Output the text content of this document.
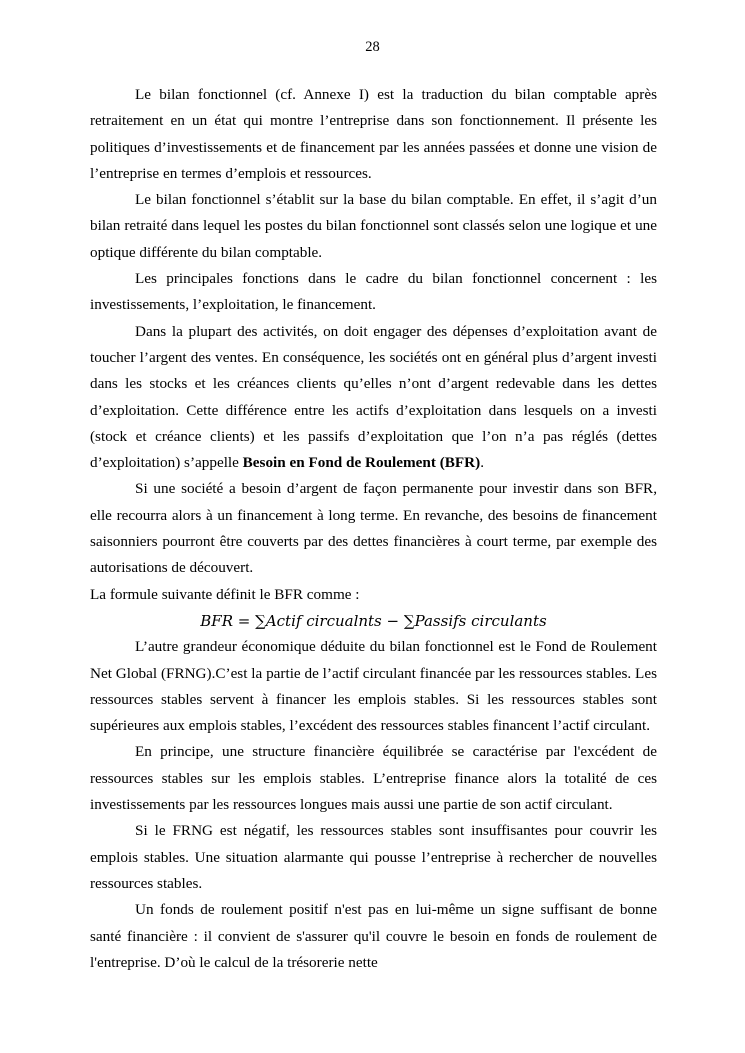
28

Le bilan fonctionnel (cf. Annexe I) est la traduction du bilan comptable après retraitement en un état qui montre l’entreprise dans son fonctionnement. Il présente les politiques d’investissements et de financement par les années passées et donne une vision de l’entreprise en termes d’emplois et ressources.

Le bilan fonctionnel s’établit sur la base du bilan comptable. En effet, il s’agit d’un bilan retraité dans lequel les postes du bilan fonctionnel sont classés selon une logique et une optique différente du bilan comptable.

Les principales fonctions dans le cadre du bilan fonctionnel concernent : les investissements, l’exploitation, le financement.

Dans la plupart des activités, on doit engager des dépenses d’exploitation avant de toucher l’argent des ventes. En conséquence, les sociétés ont en général plus d’argent investi dans les stocks et les créances clients qu’elles n’ont d’argent redevable dans les dettes d’exploitation. Cette différence entre les actifs d’exploitation dans lesquels on a investi (stock et créance clients) et les passifs d’exploitation que l’on n’a pas réglés (dettes d’exploitation) s’appelle Besoin en Fond de Roulement (BFR).

Si une société a besoin d’argent de façon permanente pour investir dans son BFR, elle recourra alors à un financement à long terme. En revanche, des besoins de financement saisonniers pourront être couverts par des dettes financières à court terme, par exemple des autorisations de découvert.

La formule suivante définit le BFR comme :

BFR = ∑Actif circualnts − ∑Passifs circulants

L’autre grandeur économique déduite du bilan fonctionnel est le Fond de Roulement Net Global (FRNG).C’est la partie de l’actif circulant financée par les ressources stables. Les ressources stables servent à financer les emplois stables. Si les ressources stables sont supérieures aux emplois stables, l’excédent des ressources stables financent l’actif circulant.

En principe, une structure financière équilibrée se caractérise par l'excédent de ressources stables sur les emplois stables. L’entreprise finance alors la totalité de ces investissements par les ressources longues mais aussi une partie de son actif circulant.

Si le FRNG est négatif, les ressources stables sont insuffisantes pour couvrir les emplois stables. Une situation alarmante qui pousse l’entreprise à rechercher de nouvelles ressources stables.

Un fonds de roulement positif n'est pas en lui-même un signe suffisant de bonne santé financière : il convient de s'assurer qu'il couvre le besoin en fonds de roulement de l'entreprise. D’où le calcul de la trésorerie nette
